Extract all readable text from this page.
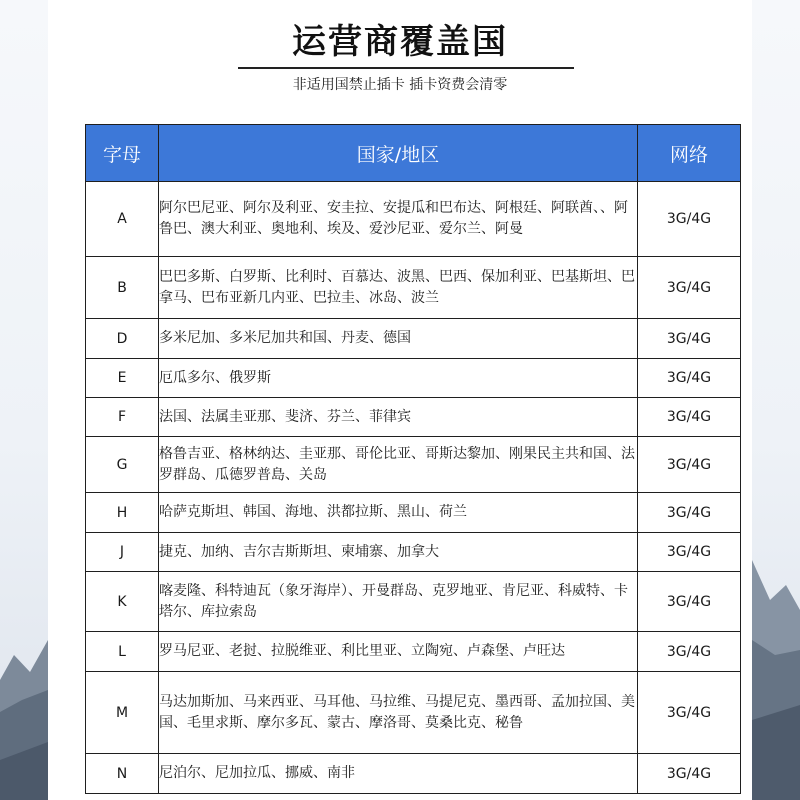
运营商覆盖国
非适用国禁止插卡 插卡资费会清零
字母	国家/地区	网络
A	阿尔巴尼亚、阿尔及利亚、安圭拉、安提瓜和巴布达、阿根廷、阿联酋、、阿鲁巴、澳大利亚、奥地利、埃及、爱沙尼亚、爱尔兰、阿曼	3G/4G
B	巴巴多斯、白罗斯、比利时、百慕达、波黑、巴西、保加利亚、巴基斯坦、巴拿马、巴布亚新几内亚、巴拉圭、冰岛、波兰	3G/4G
D	多米尼加、多米尼加共和国、丹麦、德国	3G/4G
E	厄瓜多尔、俄罗斯	3G/4G
F	法国、法属圭亚那、斐济、芬兰、菲律宾	3G/4G
G	格鲁吉亚、格林纳达、圭亚那、哥伦比亚、哥斯达黎加、刚果民主共和国、法罗群岛、瓜德罗普島、关岛	3G/4G
H	哈萨克斯坦、韩国、海地、洪都拉斯、黑山、荷兰	3G/4G
J	捷克、加纳、吉尔吉斯斯坦、柬埔寨、加拿大	3G/4G
K	喀麦隆、科特迪瓦（象牙海岸）、开曼群岛、克罗地亚、肯尼亚、科威特、卡塔尔、库拉索岛	3G/4G
L	罗马尼亚、老挝、拉脱维亚、利比里亚、立陶宛、卢森堡、卢旺达	3G/4G
M	马达加斯加、马来西亚、马耳他、马拉维、马提尼克、墨西哥、孟加拉国、美国、毛里求斯、摩尔多瓦、蒙古、摩洛哥、莫桑比克、秘鲁	3G/4G
N	尼泊尔、尼加拉瓜、挪威、南非	3G/4G
